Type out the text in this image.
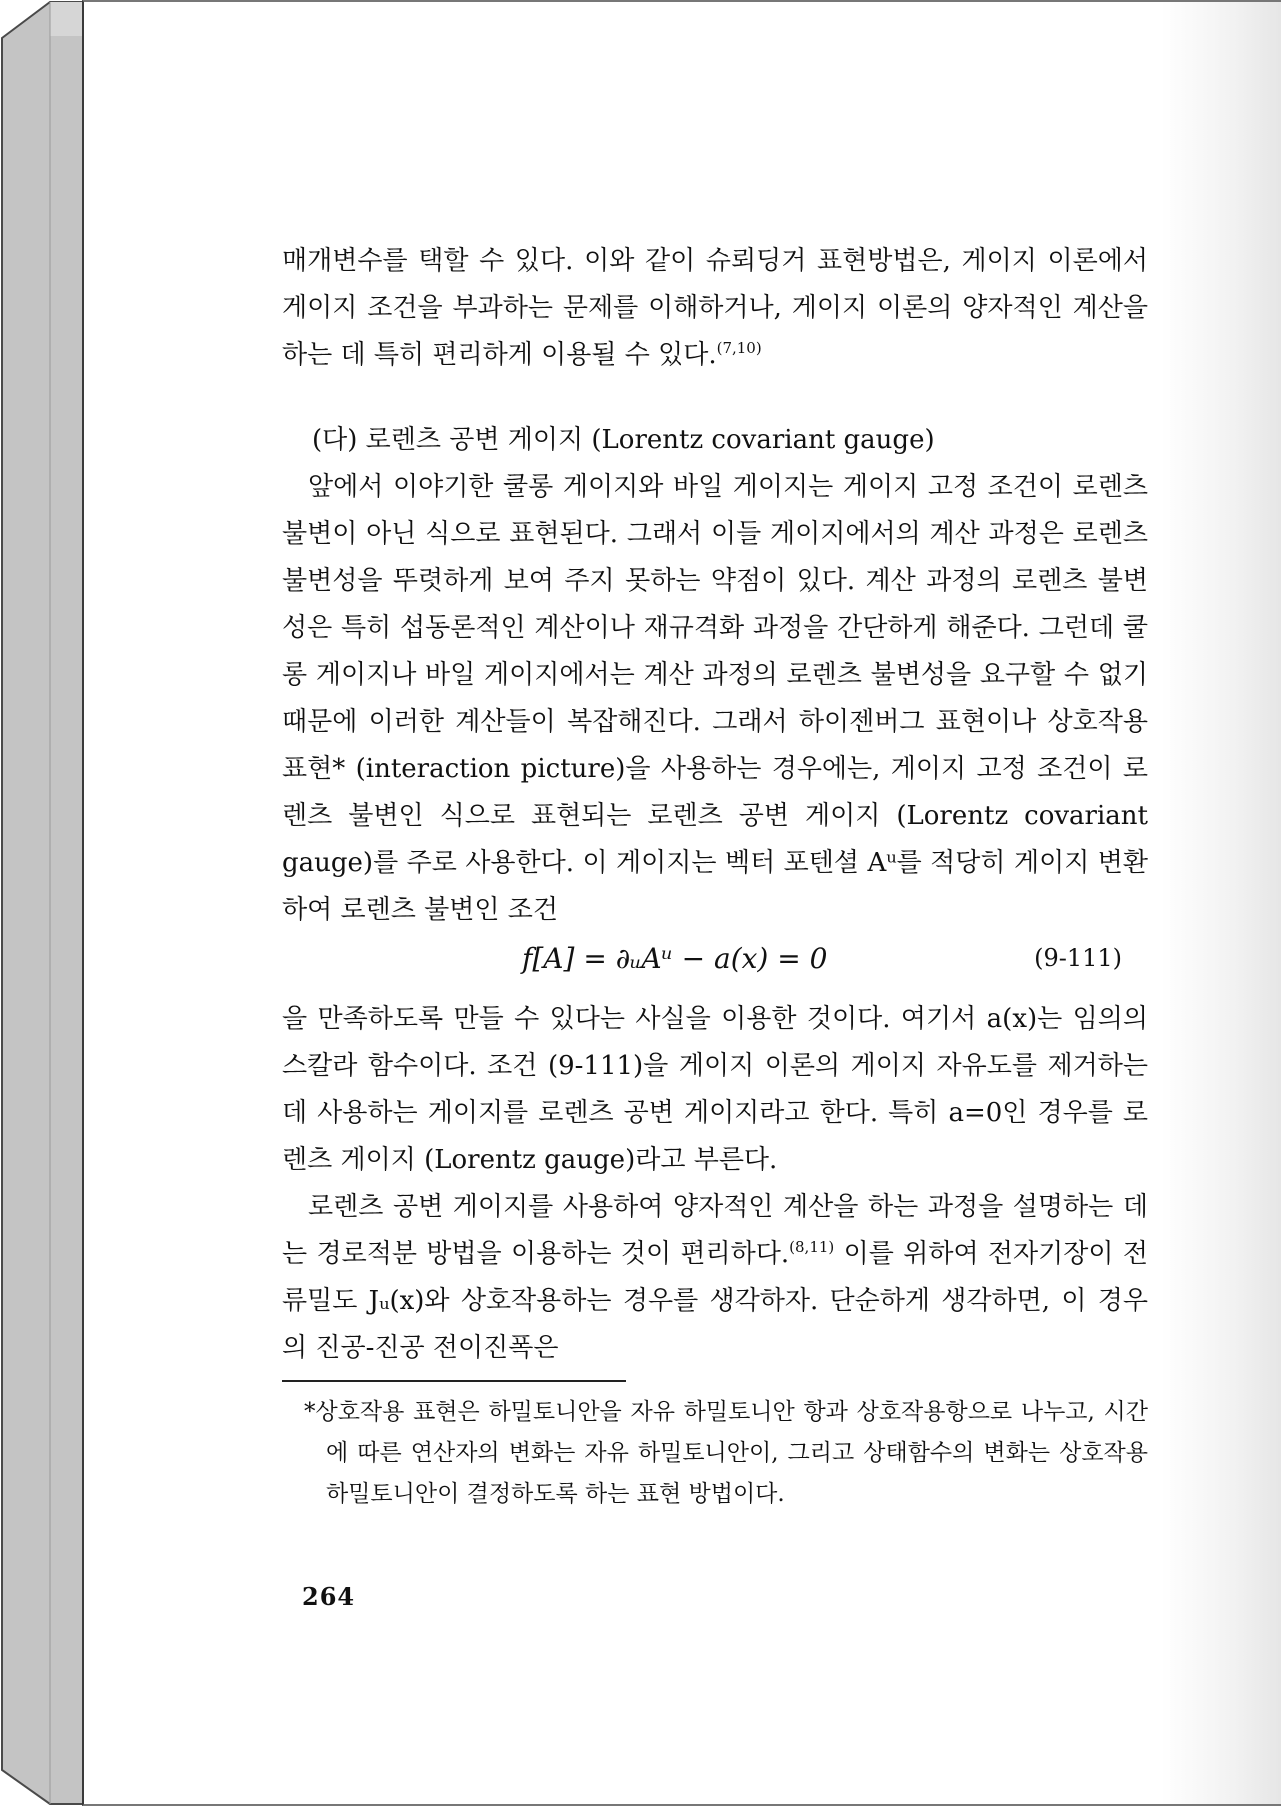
매개변수를 택할 수 있다. 이와 같이 슈뢰딩거 표현방법은, 게이지 이론에서 게이지 조건을 부과하는 문제를 이해하거나, 게이지 이론의 양자적인 계산을 하는 데 특히 편리하게 이용될 수 있다.$^{(7,10)}$

(다) 로렌츠 공변 게이지 (Lorentz covariant gauge)

앞에서 이야기한 쿨롱 게이지와 바일 게이지는 게이지 고정 조건이 로렌츠 불변이 아닌 식으로 표현된다. 그래서 이들 게이지에서의 계산 과정은 로렌츠 불변성을 뚜렷하게 보여 주지 못하는 약점이 있다. 계산 과정의 로렌츠 불변성은 특히 섭동론적인 계산이나 재규격화 과정을 간단하게 해준다. 그런데 쿨롱 게이지나 바일 게이지에서는 계산 과정의 로렌츠 불변성을 요구할 수 없기 때문에 이러한 계산들이 복잡해진다. 그래서 하이젠버그 표현이나 상호작용 표현* (interaction picture)을 사용하는 경우에는, 게이지 고정 조건이 로렌츠 불변인 식으로 표현되는 로렌츠 공변 게이지 (Lorentz covariant gauge)를 주로 사용한다. 이 게이지는 벡터 포텐셜 Aᵘ를 적당히 게이지 변환하여 로렌츠 불변인 조건

f[A] = ∂ᵤAᵘ − a(x) = 0	(9-111)

을 만족하도록 만들 수 있다는 사실을 이용한 것이다. 여기서 a(x)는 임의의 스칼라 함수이다. 조건 (9-111)을 게이지 이론의 게이지 자유도를 제거하는 데 사용하는 게이지를 로렌츠 공변 게이지라고 한다. 특히 a=0인 경우를 로렌츠 게이지 (Lorentz gauge)라고 부른다.

로렌츠 공변 게이지를 사용하여 양자적인 계산을 하는 과정을 설명하는 데는 경로적분 방법을 이용하는 것이 편리하다.$^{(8,11)}$ 이를 위하여 전자기장이 전류밀도 Jᵤ(x)와 상호작용하는 경우를 생각하자. 단순하게 생각하면, 이 경우의 진공-진공 전이진폭은

*상호작용 표현은 하밀토니안을 자유 하밀토니안 항과 상호작용항으로 나누고, 시간에 따른 연산자의 변화는 자유 하밀토니안이, 그리고 상태함수의 변화는 상호작용 하밀토니안이 결정하도록 하는 표현 방법이다.

264
